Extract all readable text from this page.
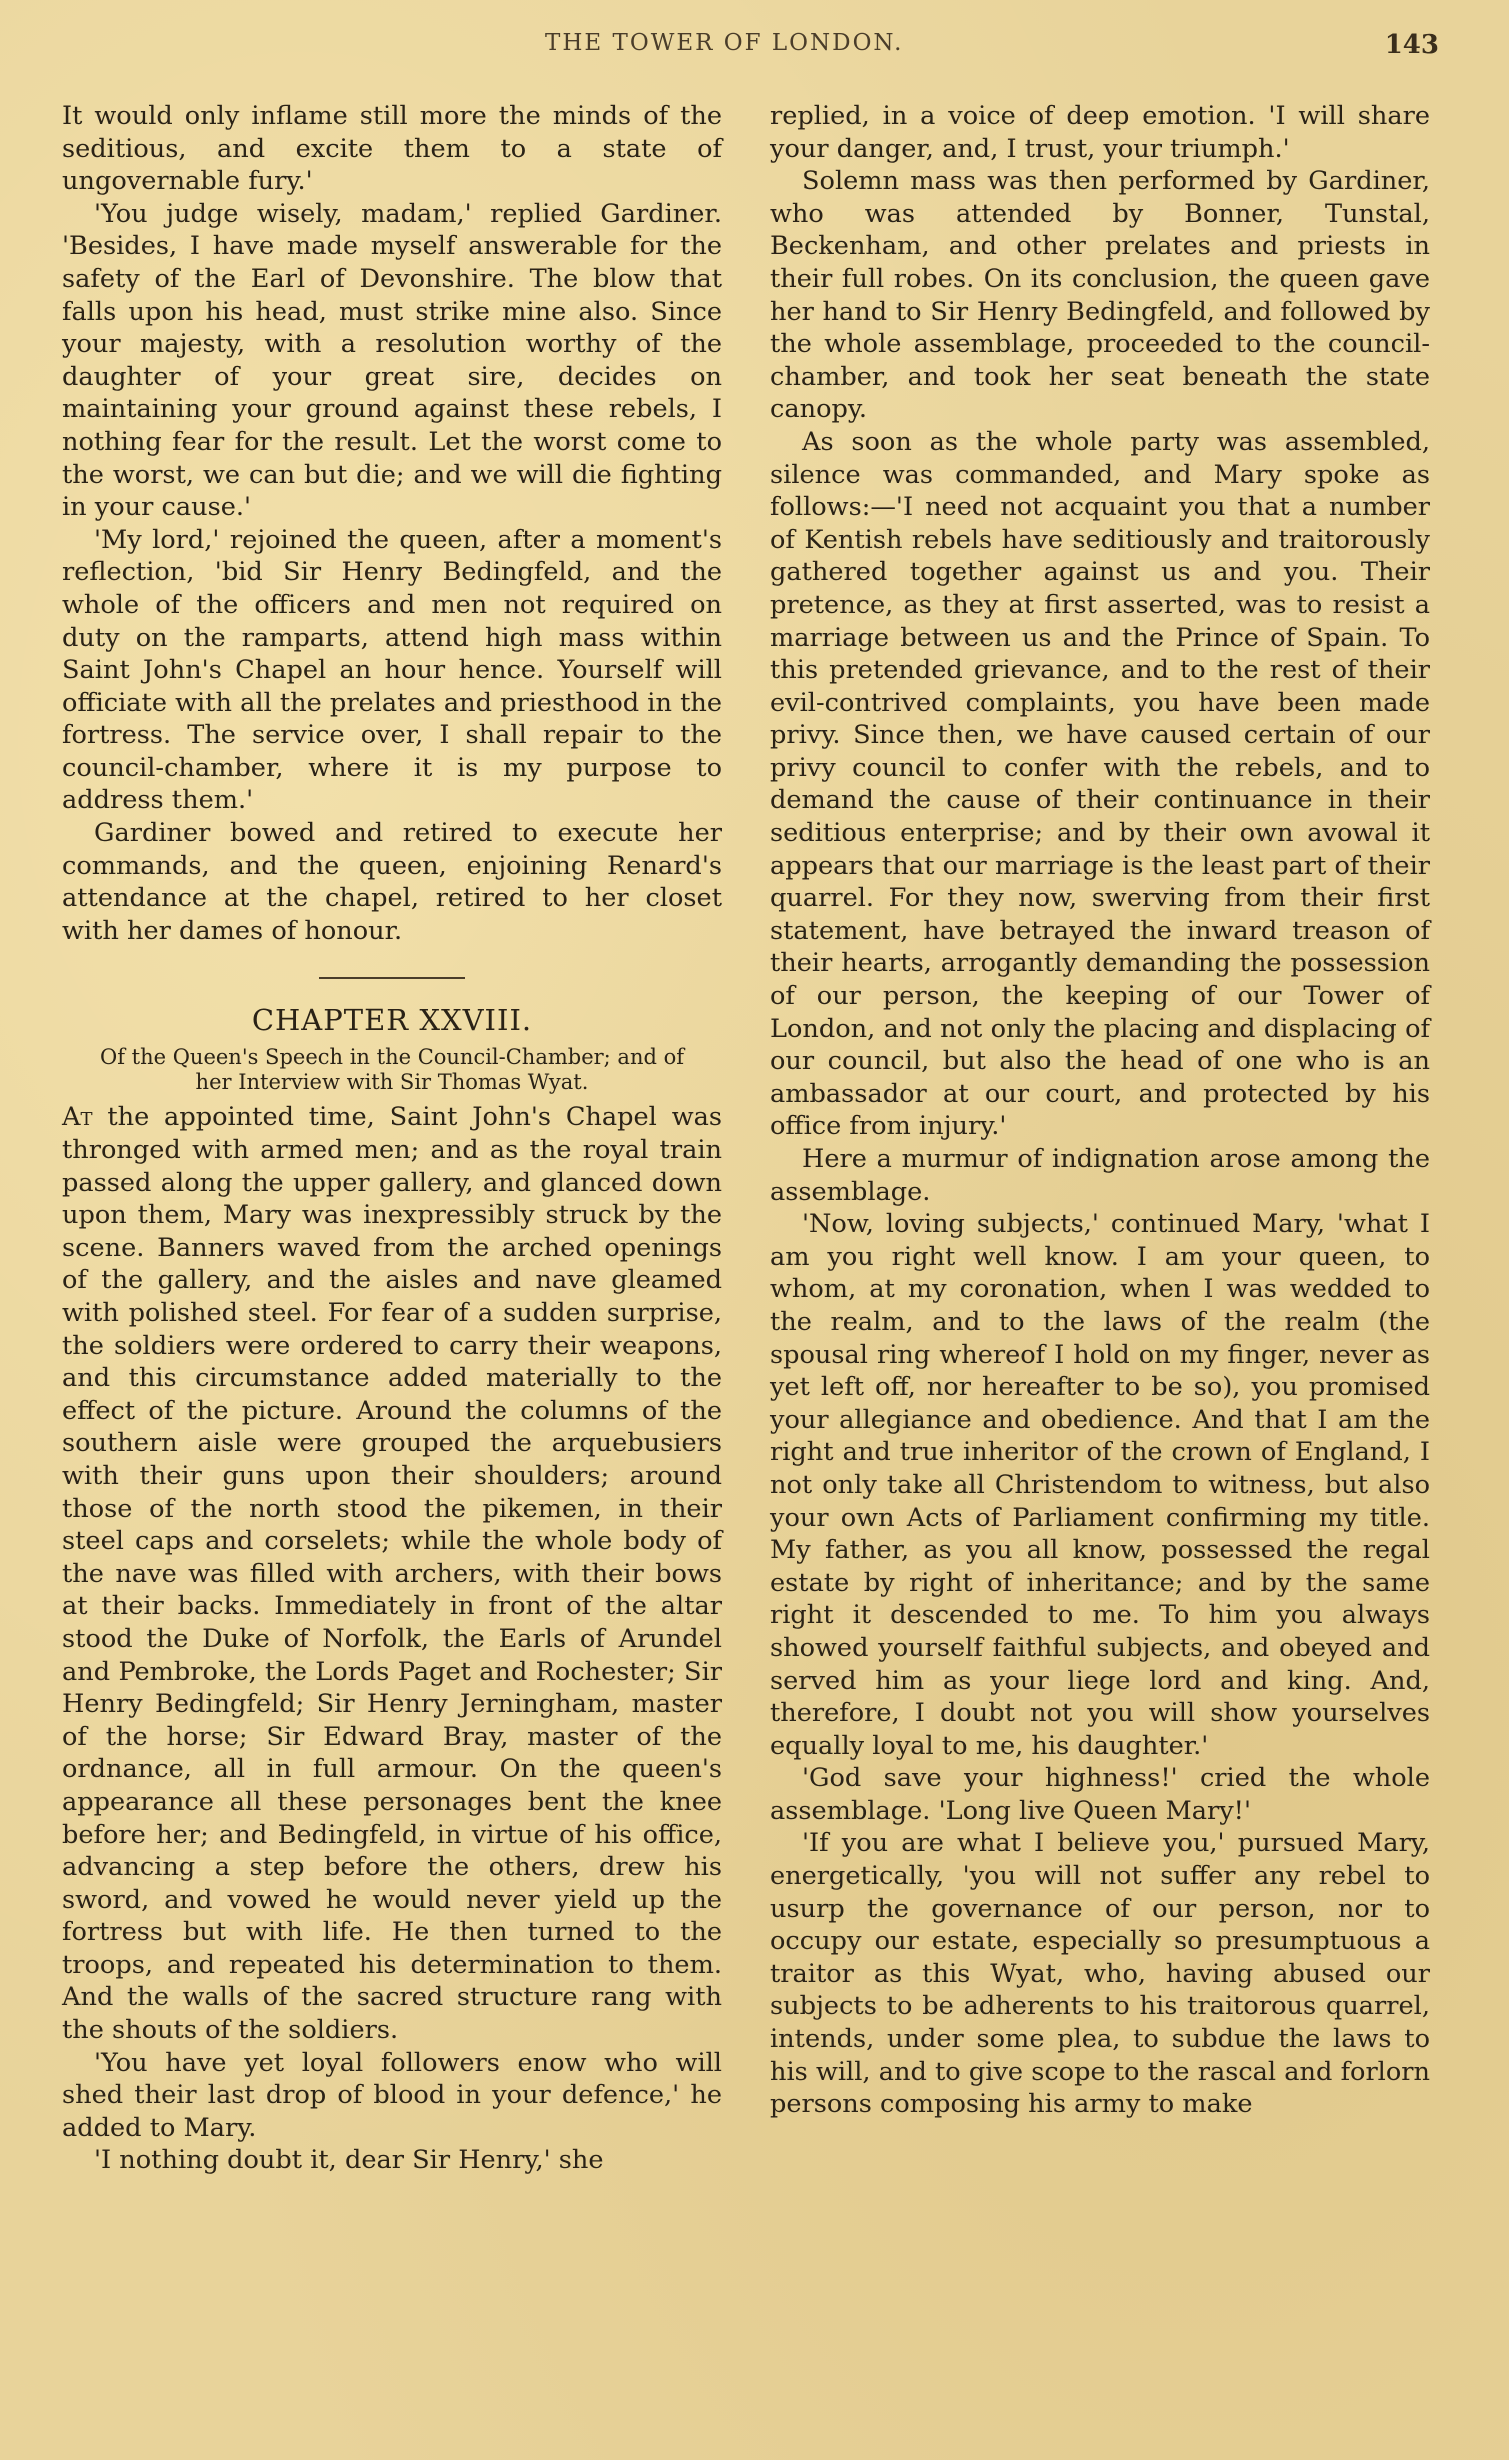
THE TOWER OF LONDON.	143

It would only inflame still more the minds of the seditious, and excite them to a state of ungovernable fury.'

'You judge wisely, madam,' replied Gardiner. 'Besides, I have made myself answerable for the safety of the Earl of Devonshire. The blow that falls upon his head, must strike mine also. Since your majesty, with a resolution worthy of the daughter of your great sire, decides on maintaining your ground against these rebels, I nothing fear for the result. Let the worst come to the worst, we can but die; and we will die fighting in your cause.'

'My lord,' rejoined the queen, after a moment's reflection, 'bid Sir Henry Bedingfeld, and the whole of the officers and men not required on duty on the ramparts, attend high mass within Saint John's Chapel an hour hence. Yourself will officiate with all the prelates and priesthood in the fortress. The service over, I shall repair to the council-chamber, where it is my purpose to address them.'

Gardiner bowed and retired to execute her commands, and the queen, enjoining Renard's attendance at the chapel, retired to her closet with her dames of honour.

CHAPTER XXVIII.
Of the Queen's Speech in the Council-Chamber; and of her Interview with Sir Thomas Wyat.

At the appointed time, Saint John's Chapel was thronged with armed men; and as the royal train passed along the upper gallery, and glanced down upon them, Mary was inexpressibly struck by the scene. Banners waved from the arched openings of the gallery, and the aisles and nave gleamed with polished steel. For fear of a sudden surprise, the soldiers were ordered to carry their weapons, and this circumstance added materially to the effect of the picture. Around the columns of the southern aisle were grouped the arquebusiers with their guns upon their shoulders; around those of the north stood the pikemen, in their steel caps and corselets; while the whole body of the nave was filled with archers, with their bows at their backs. Immediately in front of the altar stood the Duke of Norfolk, the Earls of Arundel and Pembroke, the Lords Paget and Rochester; Sir Henry Bedingfeld; Sir Henry Jerningham, master of the horse; Sir Edward Bray, master of the ordnance, all in full armour. On the queen's appearance all these personages bent the knee before her; and Bedingfeld, in virtue of his office, advancing a step before the others, drew his sword, and vowed he would never yield up the fortress but with life. He then turned to the troops, and repeated his determination to them. And the walls of the sacred structure rang with the shouts of the soldiers.

'You have yet loyal followers enow who will shed their last drop of blood in your defence,' he added to Mary.

'I nothing doubt it, dear Sir Henry,' she

replied, in a voice of deep emotion. 'I will share your danger, and, I trust, your triumph.'

Solemn mass was then performed by Gardiner, who was attended by Bonner, Tunstal, Beckenham, and other prelates and priests in their full robes. On its conclusion, the queen gave her hand to Sir Henry Bedingfeld, and followed by the whole assemblage, proceeded to the council-chamber, and took her seat beneath the state canopy.

As soon as the whole party was assembled, silence was commanded, and Mary spoke as follows:—'I need not acquaint you that a number of Kentish rebels have seditiously and traitorously gathered together against us and you. Their pretence, as they at first asserted, was to resist a marriage between us and the Prince of Spain. To this pretended grievance, and to the rest of their evil-contrived complaints, you have been made privy. Since then, we have caused certain of our privy council to confer with the rebels, and to demand the cause of their continuance in their seditious enterprise; and by their own avowal it appears that our marriage is the least part of their quarrel. For they now, swerving from their first statement, have betrayed the inward treason of their hearts, arrogantly demanding the possession of our person, the keeping of our Tower of London, and not only the placing and displacing of our council, but also the head of one who is an ambassador at our court, and protected by his office from injury.'

Here a murmur of indignation arose among the assemblage.

'Now, loving subjects,' continued Mary, 'what I am you right well know. I am your queen, to whom, at my coronation, when I was wedded to the realm, and to the laws of the realm (the spousal ring whereof I hold on my finger, never as yet left off, nor hereafter to be so), you promised your allegiance and obedience. And that I am the right and true inheritor of the crown of England, I not only take all Christendom to witness, but also your own Acts of Parliament confirming my title. My father, as you all know, possessed the regal estate by right of inheritance; and by the same right it descended to me. To him you always showed yourself faithful subjects, and obeyed and served him as your liege lord and king. And, therefore, I doubt not you will show yourselves equally loyal to me, his daughter.'

'God save your highness!' cried the whole assemblage. 'Long live Queen Mary!'

'If you are what I believe you,' pursued Mary, energetically, 'you will not suffer any rebel to usurp the governance of our person, nor to occupy our estate, especially so presumptuous a traitor as this Wyat, who, having abused our subjects to be adherents to his traitorous quarrel, intends, under some plea, to subdue the laws to his will, and to give scope to the rascal and forlorn persons composing his army to make
